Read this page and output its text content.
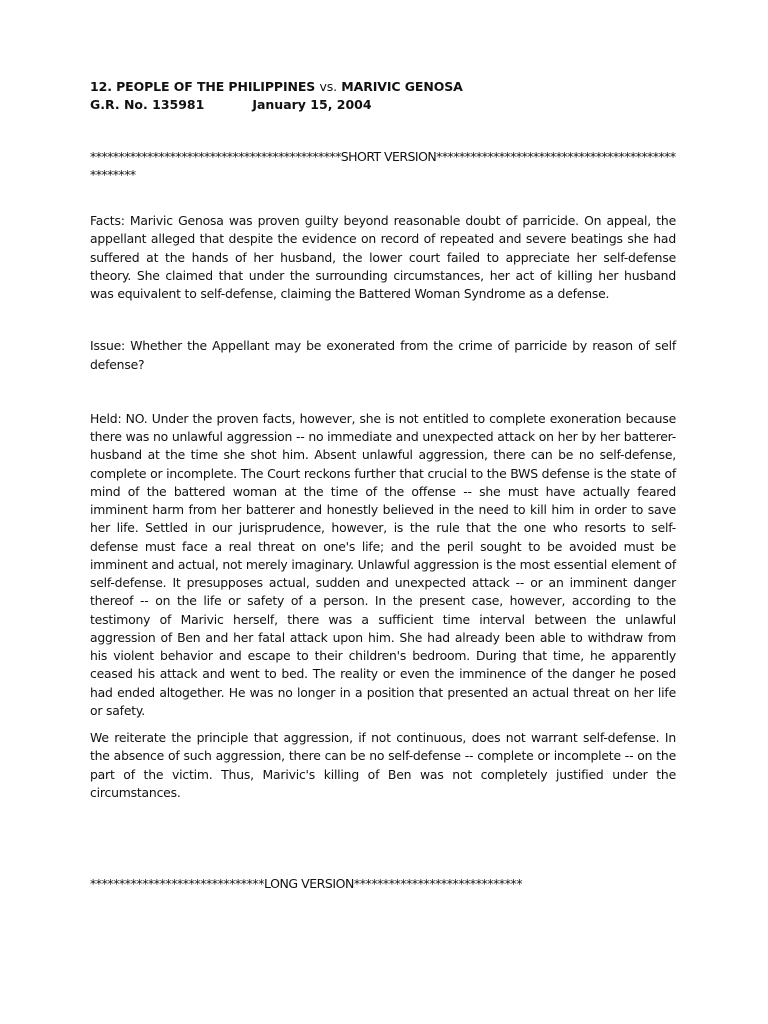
12. PEOPLE OF THE PHILIPPINES vs. MARIVIC GENOSA
G.R. No. 135981	January 15, 2004
********************************************SHORT VERSION**************************************************

Facts: Marivic Genosa was proven guilty beyond reasonable doubt of parricide. On appeal, the appellant alleged that despite the evidence on record of repeated and severe beatings she had suffered at the hands of her husband, the lower court failed to appreciate her self-defense theory. She claimed that under the surrounding circumstances, her act of killing her husband was equivalent to self-defense, claiming the Battered Woman Syndrome as a defense.

Issue: Whether the Appellant may be exonerated from the crime of parricide by reason of self defense?

Held: NO. Under the proven facts, however, she is not entitled to complete exoneration because there was no unlawful aggression -- no immediate and unexpected attack on her by her batterer-husband at the time she shot him. Absent unlawful aggression, there can be no self-defense, complete or incomplete. The Court reckons further that crucial to the BWS defense is the state of mind of the battered woman at the time of the offense -- she must have actually feared imminent harm from her batterer and honestly believed in the need to kill him in order to save her life. Settled in our jurisprudence, however, is the rule that the one who resorts to self-defense must face a real threat on one's life; and the peril sought to be avoided must be imminent and actual, not merely imaginary. Unlawful aggression is the most essential element of self-defense. It presupposes actual, sudden and unexpected attack -- or an imminent danger thereof -- on the life or safety of a person. In the present case, however, according to the testimony of Marivic herself, there was a sufficient time interval between the unlawful aggression of Ben and her fatal attack upon him. She had already been able to withdraw from his violent behavior and escape to their children's bedroom. During that time, he apparently ceased his attack and went to bed. The reality or even the imminence of the danger he posed had ended altogether. He was no longer in a position that presented an actual threat on her life or safety.

We reiterate the principle that aggression, if not continuous, does not warrant self-defense. In the absence of such aggression, there can be no self-defense -- complete or incomplete -- on the part of the victim. Thus, Marivic's killing of Ben was not completely justified under the circumstances.

******************************LONG VERSION*****************************
